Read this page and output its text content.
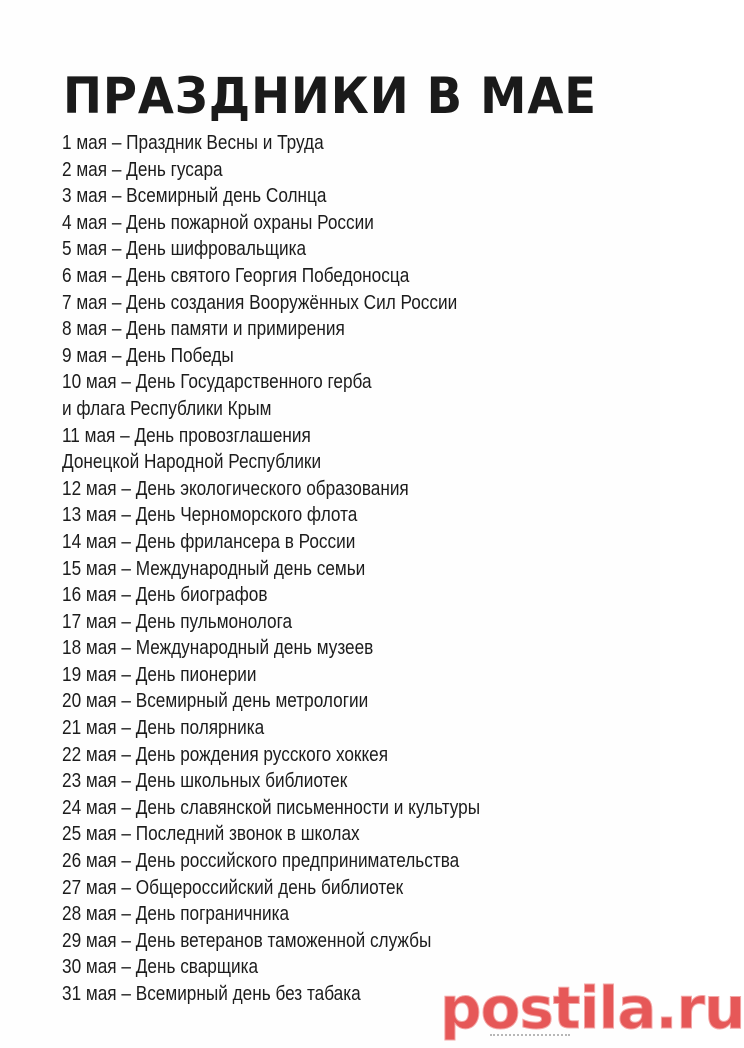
ПРАЗДНИКИ В МАЕ
1 мая – Праздник Весны и Труда
2 мая – День гусара
3 мая – Всемирный день Солнца
4 мая – День пожарной охраны России
5 мая – День шифровальщика
6 мая – День святого Георгия Победоносца
7 мая – День создания Вооружённых Сил России
8 мая – День памяти и примирения
9 мая – День Победы
10 мая – День Государственного герба
и флага Республики Крым
11 мая – День провозглашения
Донецкой Народной Республики
12 мая – День экологического образования
13 мая – День Черноморского флота
14 мая – День фрилансера в России
15 мая – Международный день семьи
16 мая – День биографов
17 мая – День пульмонолога
18 мая – Международный день музеев
19 мая – День пионерии
20 мая – Всемирный день метрологии
21 мая – День полярника
22 мая – День рождения русского хоккея
23 мая – День школьных библиотек
24 мая – День славянской письменности и культуры
25 мая – Последний звонок в школах
26 мая – День российского предпринимательства
27 мая – Общероссийский день библиотек
28 мая – День пограничника
29 мая – День ветеранов таможенной службы
30 мая – День сварщика
31 мая – Всемирный день без табака	postila.ru
